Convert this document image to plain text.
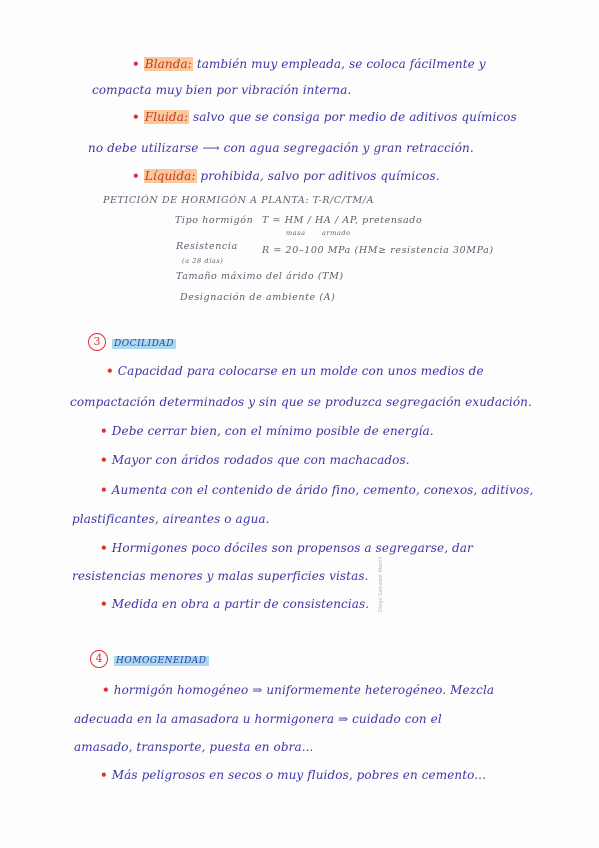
• Blanda: también muy empleada, se coloca fácilmente y
compacta muy bien por vibración interna.
• Fluida: salvo que se consiga por medio de aditivos químicos
no debe utilizarse ⟶ con agua segregación y gran retracción.
• Líquida: prohibida, salvo por aditivos químicos.
PETICIÓN DE HORMIGÓN A PLANTA: T-R/C/TM/A
Tipo hormigón T = HM / HA / AP, pretensado
masa	armado
Resistencia	R = 20–100 MPa (HM≥ resistencia 30MPa)
(a 28 días)
Tamaño máximo del árido (TM)
Designación de ambiente (A)
3 DOCILIDAD
• Capacidad para colocarse en un molde con unos medios de
compactación determinados y sin que se produzca segregación exudación.
• Debe cerrar bien, con el mínimo posible de energía.
• Mayor con áridos rodados que con machacados.
• Aumenta con el contenido de árido fino, cemento, conexos, aditivos,
plastificantes, aireantes o agua.
• Hormigones poco dóciles son propensos a segregarse, dar
resistencias menores y malas superficies vistas.
• Medida en obra a partir de consistencias.
4 HOMOGENEIDAD
• hormigón homogéneo ⇒ uniformemente heterogéneo. Mezcla
adecuada en la amasadora u hormigonera ⇒ cuidado con el
amasado, transporte, puesta en obra...
• Más peligrosos en secos o muy fluidos, pobres en cemento...
Diego Salvador Martín
